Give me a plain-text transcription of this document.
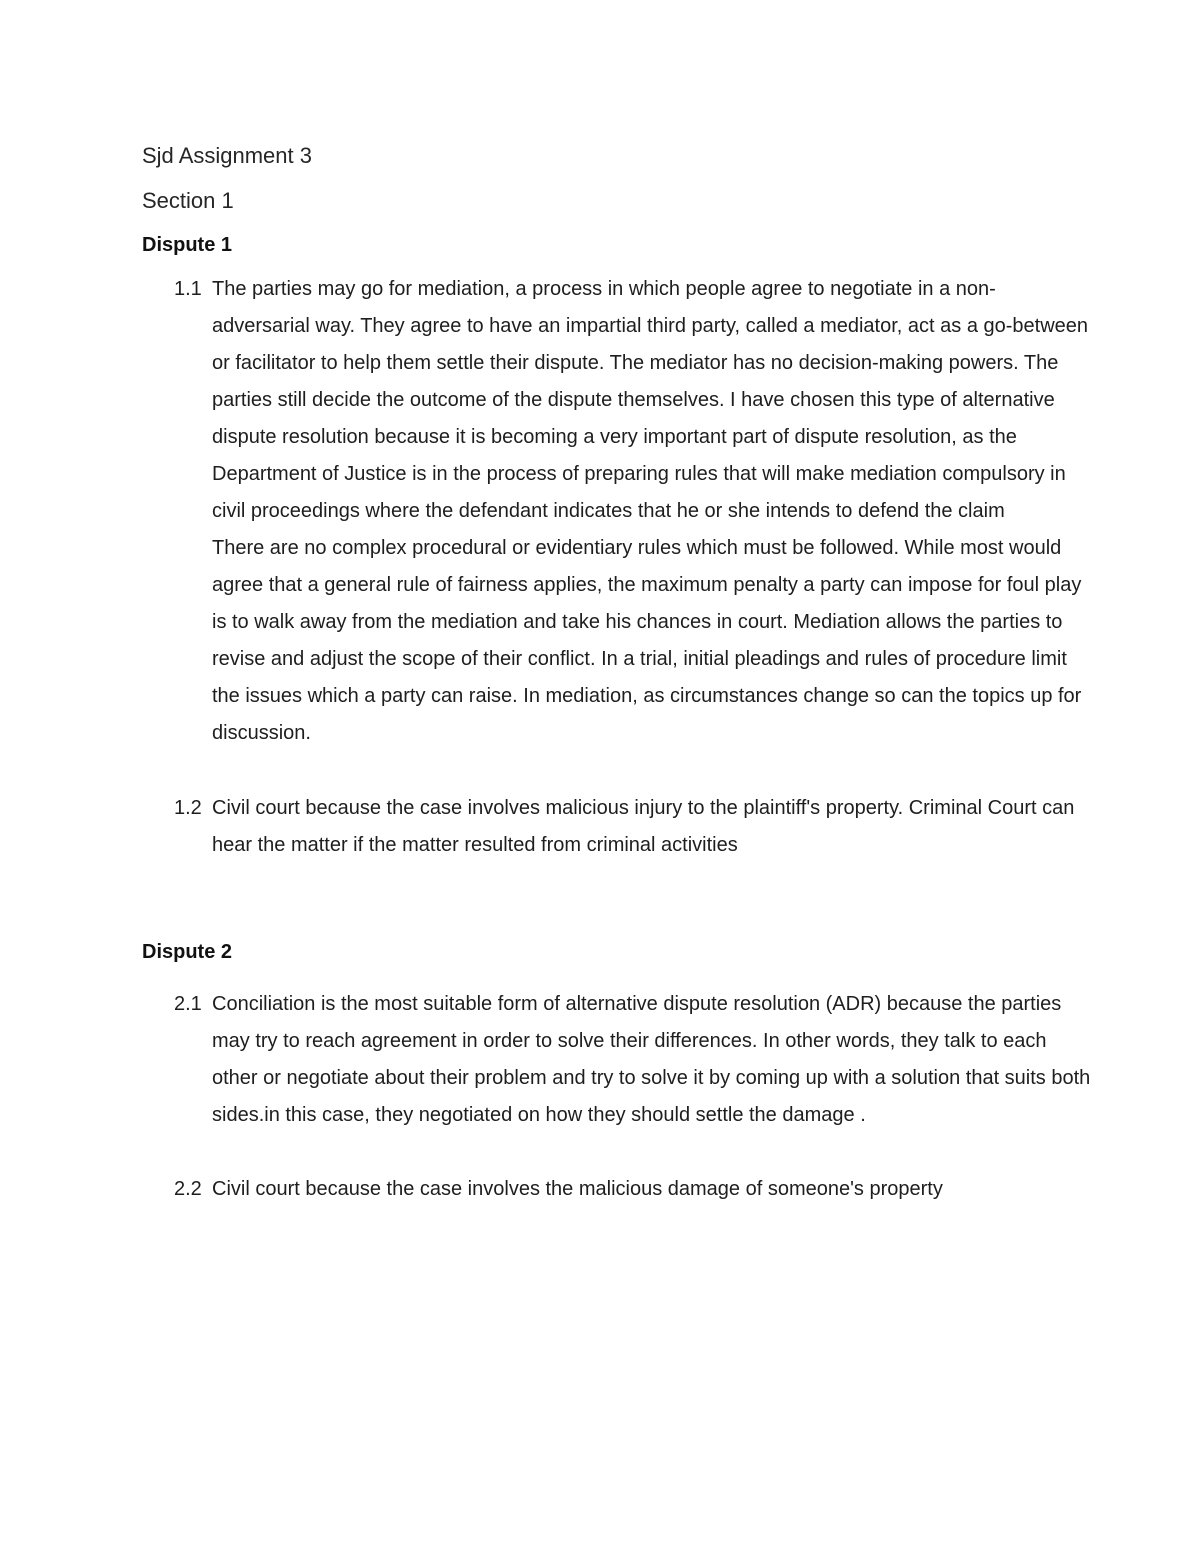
Sjd Assignment 3
Section 1
Dispute 1
1.1 The parties may go for mediation, a process in which people agree to negotiate in a non-adversarial way. They agree to have an impartial third party, called a mediator, act as a go-between or facilitator to help them settle their dispute. The mediator has no decision-making powers. The parties still decide the outcome of the dispute themselves. I have chosen this type of alternative dispute resolution because it is becoming a very important part of dispute resolution, as the Department of Justice is in the process of preparing rules that will make mediation compulsory in civil proceedings where the defendant indicates that he or she intends to defend the claim

There are no complex procedural or evidentiary rules which must be followed. While most would agree that a general rule of fairness applies, the maximum penalty a party can impose for foul play is to walk away from the mediation and take his chances in court. Mediation allows the parties to revise and adjust the scope of their conflict. In a trial, initial pleadings and rules of procedure limit the issues which a party can raise. In mediation, as circumstances change so can the topics up for discussion.

1.2 Civil court because the case involves malicious injury to the plaintiff's property. Criminal Court can hear the matter if the matter resulted from criminal activities

Dispute 2
2.1 Conciliation is the most suitable form of alternative dispute resolution (ADR) because the parties may try to reach agreement in order to solve their differences. In other words, they talk to each other or negotiate about their problem and try to solve it by coming up with a solution that suits both sides.in this case, they negotiated on how they should settle the damage .

2.2 Civil court because the case involves the malicious damage of someone's property
